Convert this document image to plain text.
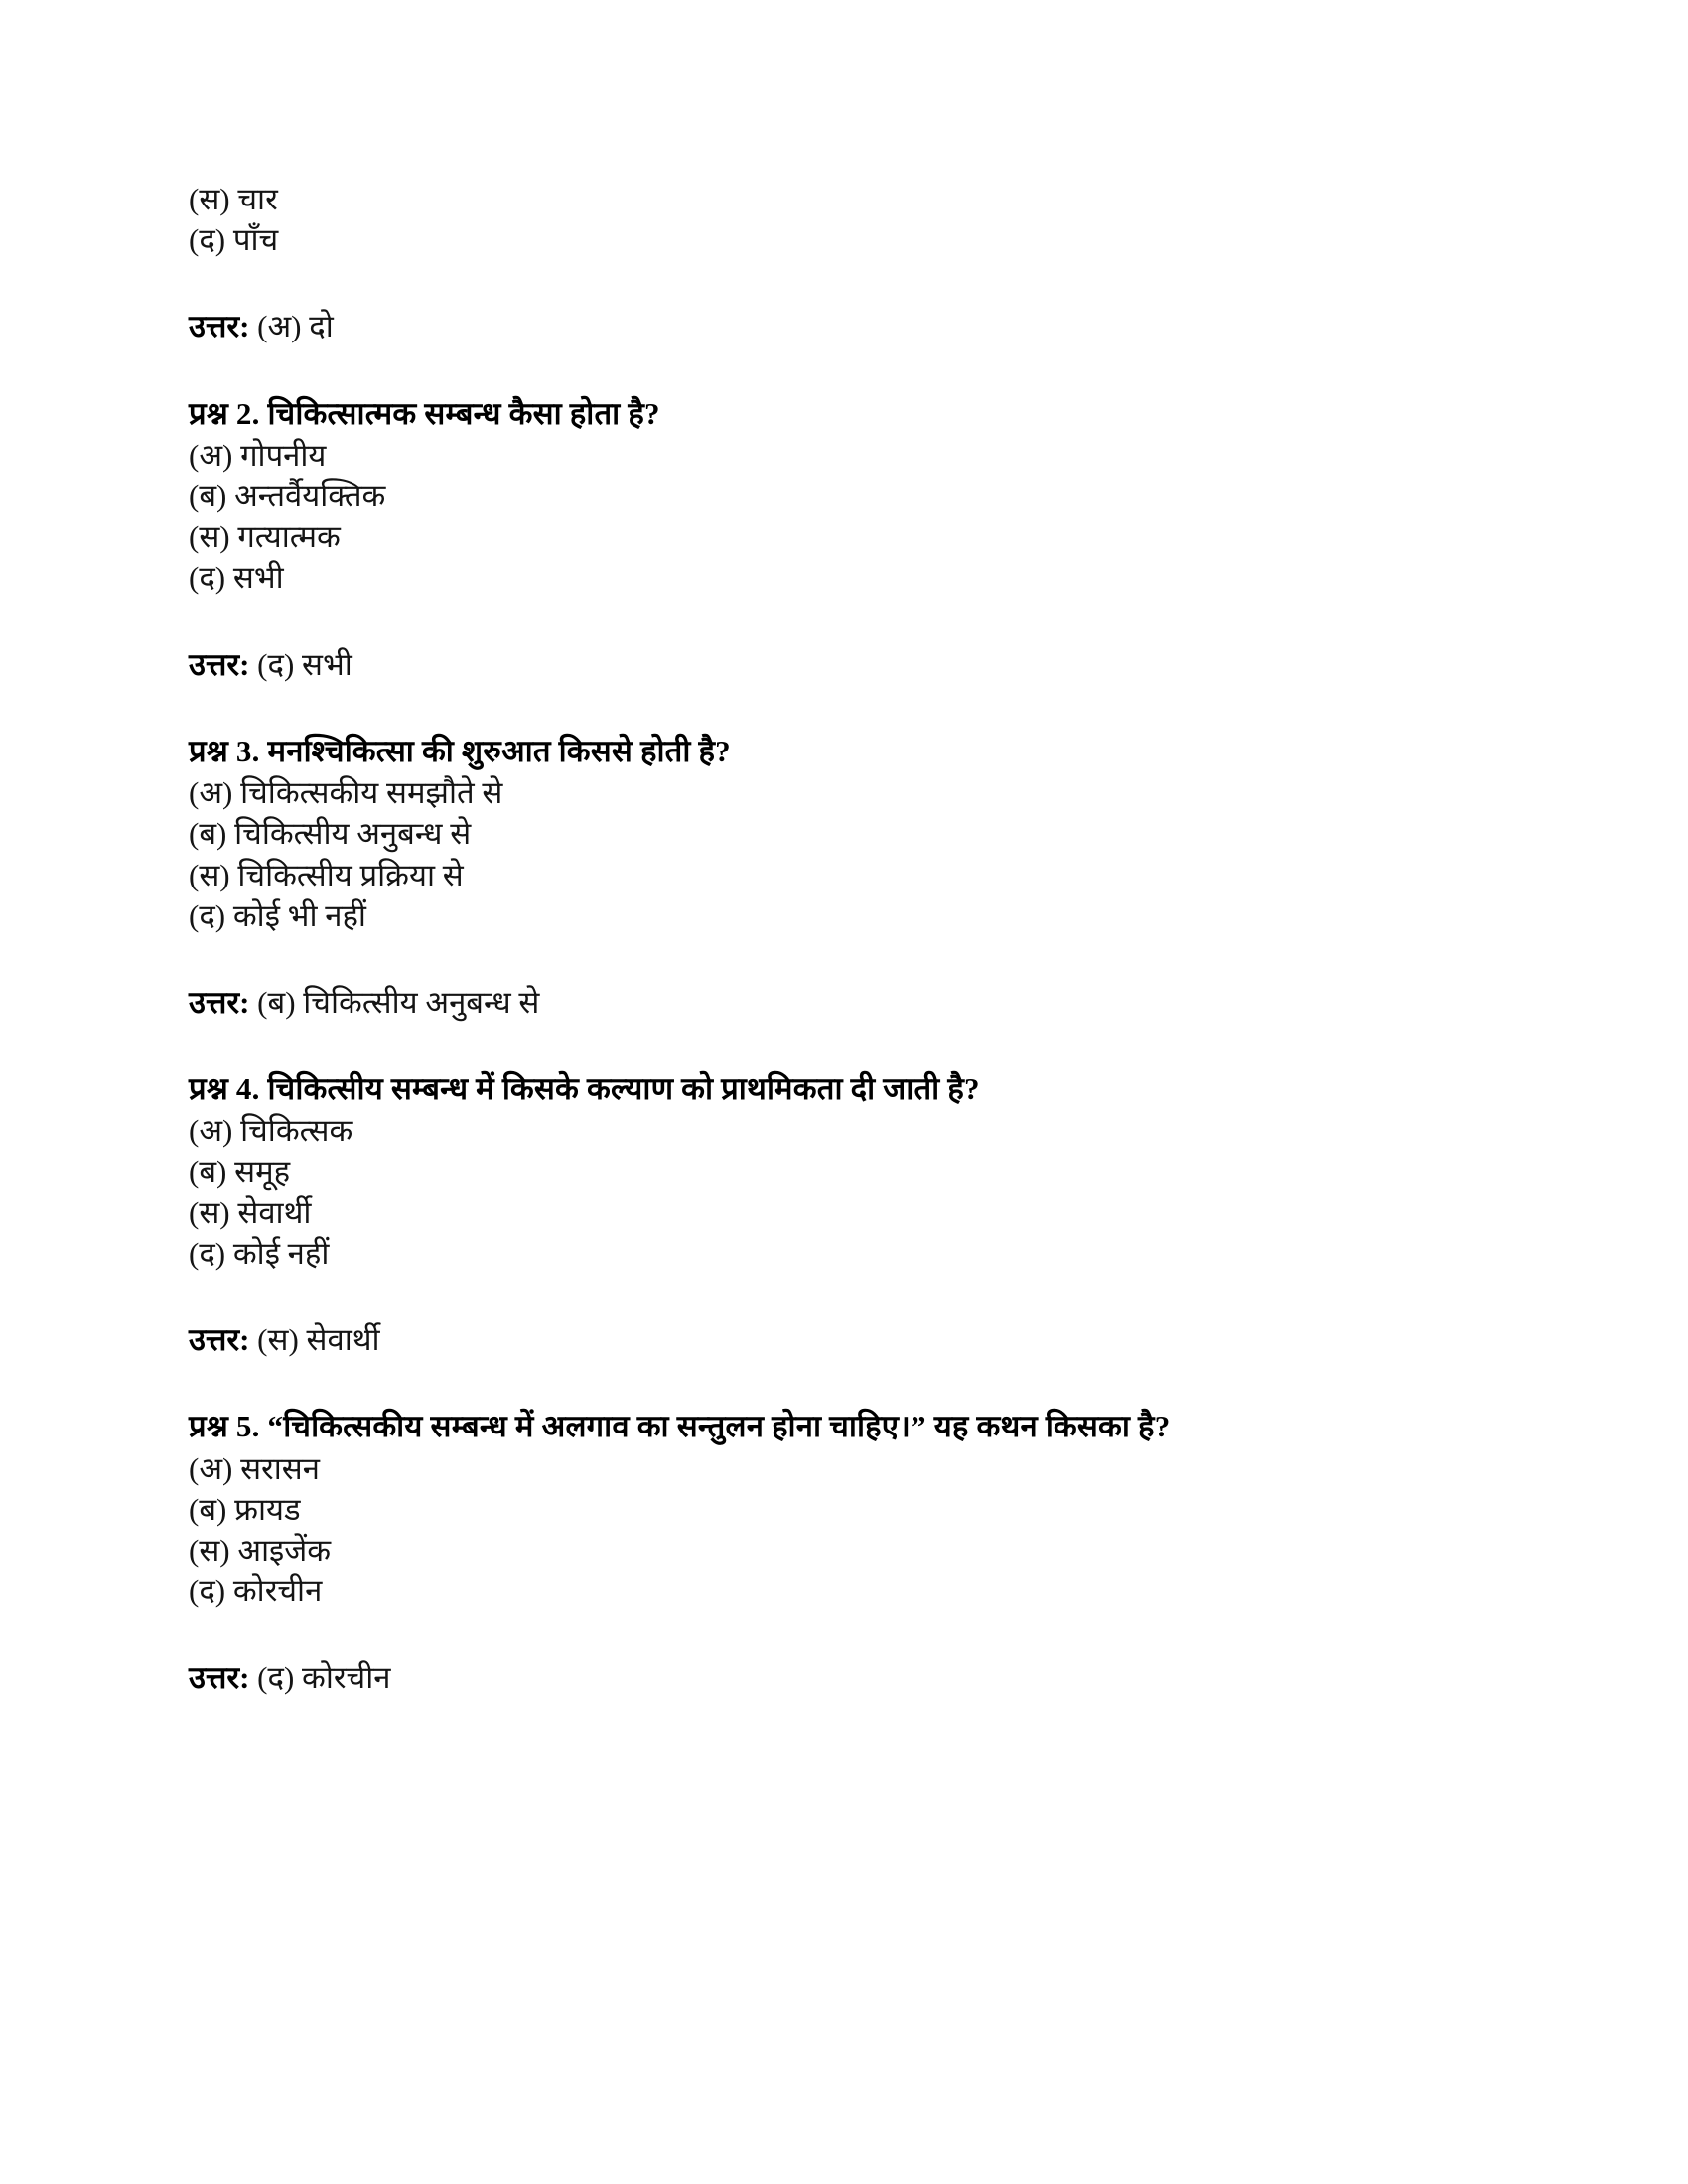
(स) चार
(द) पाँच
उत्तर: (अ) दो
प्रश्न 2. चिकित्सात्मक सम्बन्ध कैसा होता है?
(अ) गोपनीय
(ब) अन्तर्वैयक्तिक
(स) गत्यात्मक
(द) सभी
उत्तर: (द) सभी
प्रश्न 3. मनश्चिकित्सा की शुरुआत किससे होती है?
(अ) चिकित्सकीय समझौते से
(ब) चिकित्सीय अनुबन्ध से
(स) चिकित्सीय प्रक्रिया से
(द) कोई भी नहीं
उत्तर: (ब) चिकित्सीय अनुबन्ध से
प्रश्न 4. चिकित्सीय सम्बन्ध में किसके कल्याण को प्राथमिकता दी जाती है?
(अ) चिकित्सक
(ब) समूह
(स) सेवार्थी
(द) कोई नहीं
उत्तर: (स) सेवार्थी
प्रश्न 5. “चिकित्सकीय सम्बन्ध में अलगाव का सन्तुलन होना चाहिए।” यह कथन किसका है?
(अ) सरासन
(ब) फ्रायड
(स) आइजेंक
(द) कोरचीन
उत्तर: (द) कोरचीन
